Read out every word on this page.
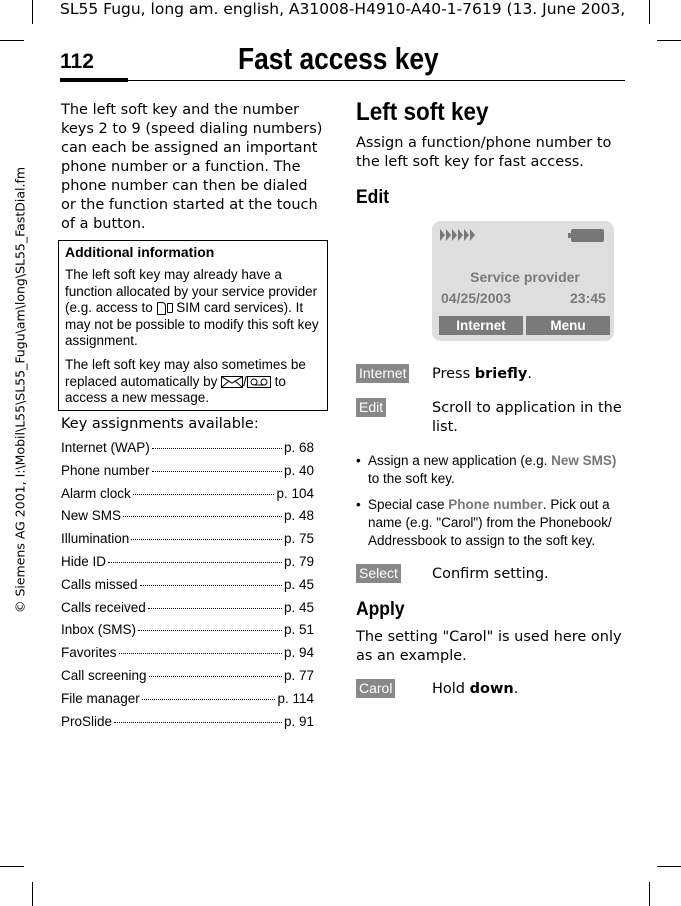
SL55 Fugu, long am. english, A31008-H4910-A40-1-7619 (13. June 2003,
© Siemens AG 2001, I:\Mobil\L55\SL55_Fugu\am\long\SL55_FastDial.fm
112	Fast access key
The left soft key and the number keys 2 to 9 (speed dialing numbers) can each be assigned an important phone number or a function. The phone number can then be dialed or the function started at the touch of a button.
Additional information

The left soft key may already have a function allocated by your service provider (e.g. access to  SIM card services). It may not be possible to modify this soft key assignment.

The left soft key may also sometimes be replaced automatically by
/
to access a new message.

Key assignments available:
Internet (WAP)	p. 68
Phone number	p. 40
Alarm clock	p. 104
New SMS	p. 48
Illumination	p. 75
Hide ID	p. 79
Calls missed	p. 45
Calls received	p. 45
Inbox (SMS)	p. 51
Favorites	p. 94
Call screening	p. 77
File manager	p. 114
ProSlide	p. 91
Left soft key
Assign a function/phone number to the left soft key for fast access.
Edit
Service provider
04/25/2003	23:45
Internet	Menu
Internet Press briefly.
Edit	Scroll to application in the list.
• Assign a new application (e.g. New SMS) to the soft key.
• Special case Phone number. Pick out a name (e.g. "Carol") from the Phonebook/ Addressbook to assign to the soft key.
Select Confirm setting.
Apply
The setting "Carol" is used here only as an example.
Carol	Hold down.
